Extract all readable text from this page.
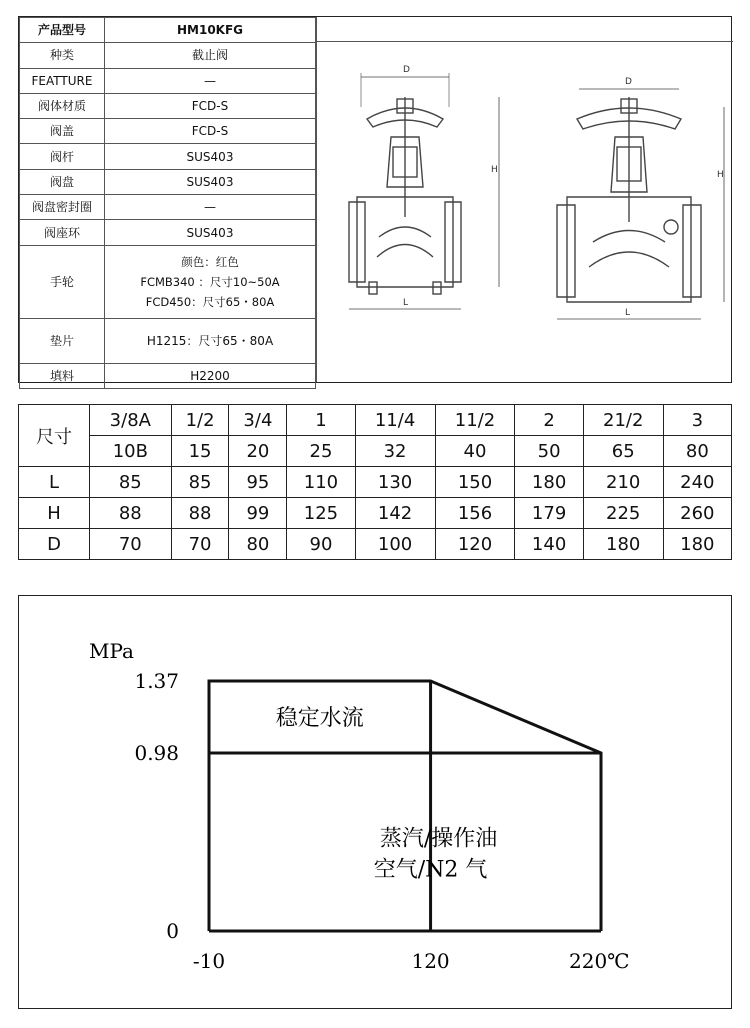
产品型号	HM10KFG
种类	截止阀
FEATTURE	—
阀体材质	FCD-S
阀盖	FCD-S
阀杆	SUS403
阀盘	SUS403
阀盘密封圈	—
阀座环	SUS403
手轮	颜色：红色
FCMB340 ：尺寸10~50A
FCD450：尺寸65・80A

垫片	H1215：尺寸65・80A
填料	H2200
D
L
H
D
L
H
尺寸	3/8A	1/2	3/4	1	11/4	11/2	2	21/2	3
	10B	15	20	25	32	40	50	65	80
L	85	85	95	110	130	150	180	210	240
H	88	88	99	125	142	156	179	225	260
D	70	70	80	90	100	120	140	180	180
MPa
0
0.98
1.37
-10	120	220℃
稳定水流
蒸汽/操作油
空气/N2 气
